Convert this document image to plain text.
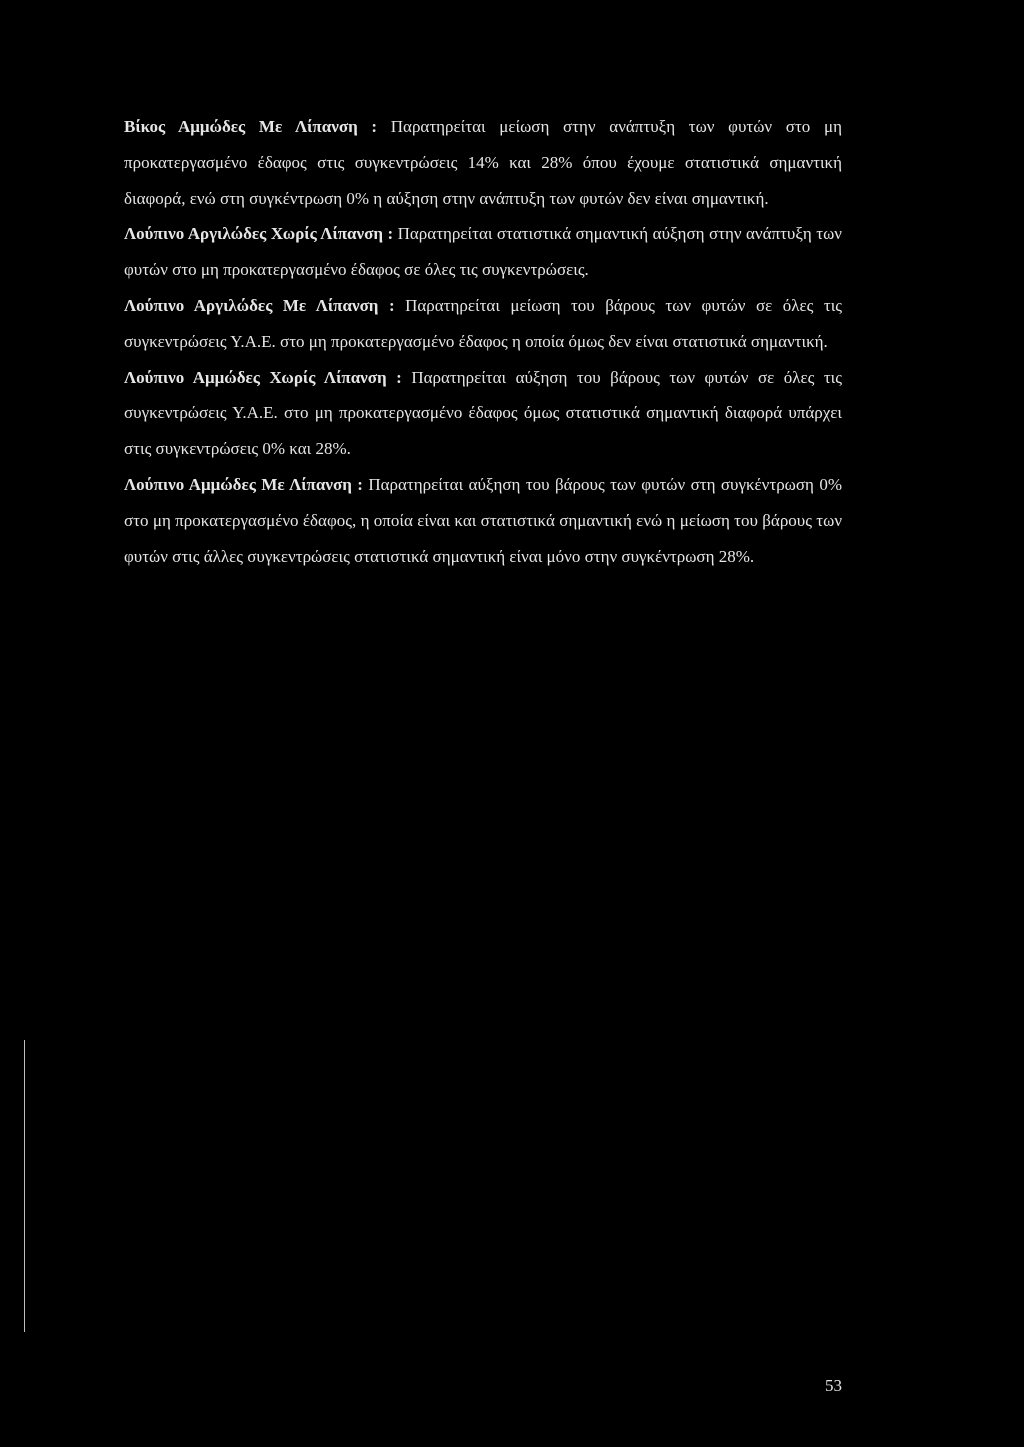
Βίκος Αμμώδες Με Λίπανση : Παρατηρείται μείωση στην ανάπτυξη των φυτών στο μη προκατεργασμένο έδαφος στις συγκεντρώσεις 14% και 28% όπου έχουμε στατιστικά σημαντική διαφορά, ενώ στη συγκέντρωση 0% η αύξηση στην ανάπτυξη των φυτών δεν είναι σημαντική.

Λούπινο Αργιλώδες Χωρίς Λίπανση : Παρατηρείται στατιστικά σημαντική αύξηση στην ανάπτυξη των φυτών στο μη προκατεργασμένο έδαφος σε όλες τις συγκεντρώσεις.

Λούπινο Αργιλώδες Με Λίπανση : Παρατηρείται μείωση του βάρους των φυτών σε όλες τις συγκεντρώσεις Υ.Α.Ε. στο μη προκατεργασμένο έδαφος η οποία όμως δεν είναι στατιστικά σημαντική.

Λούπινο Αμμώδες Χωρίς Λίπανση : Παρατηρείται αύξηση του βάρους των φυτών σε όλες τις συγκεντρώσεις Υ.Α.Ε. στο μη προκατεργασμένο έδαφος όμως στατιστικά σημαντική διαφορά υπάρχει στις συγκεντρώσεις 0% και 28%.

Λούπινο Αμμώδες Με Λίπανση : Παρατηρείται αύξηση του βάρους των φυτών στη συγκέντρωση 0% στο μη προκατεργασμένο έδαφος, η οποία είναι και στατιστικά σημαντική ενώ η μείωση του βάρους των φυτών στις άλλες συγκεντρώσεις στατιστικά σημαντική είναι μόνο στην συγκέντρωση 28%.

53
